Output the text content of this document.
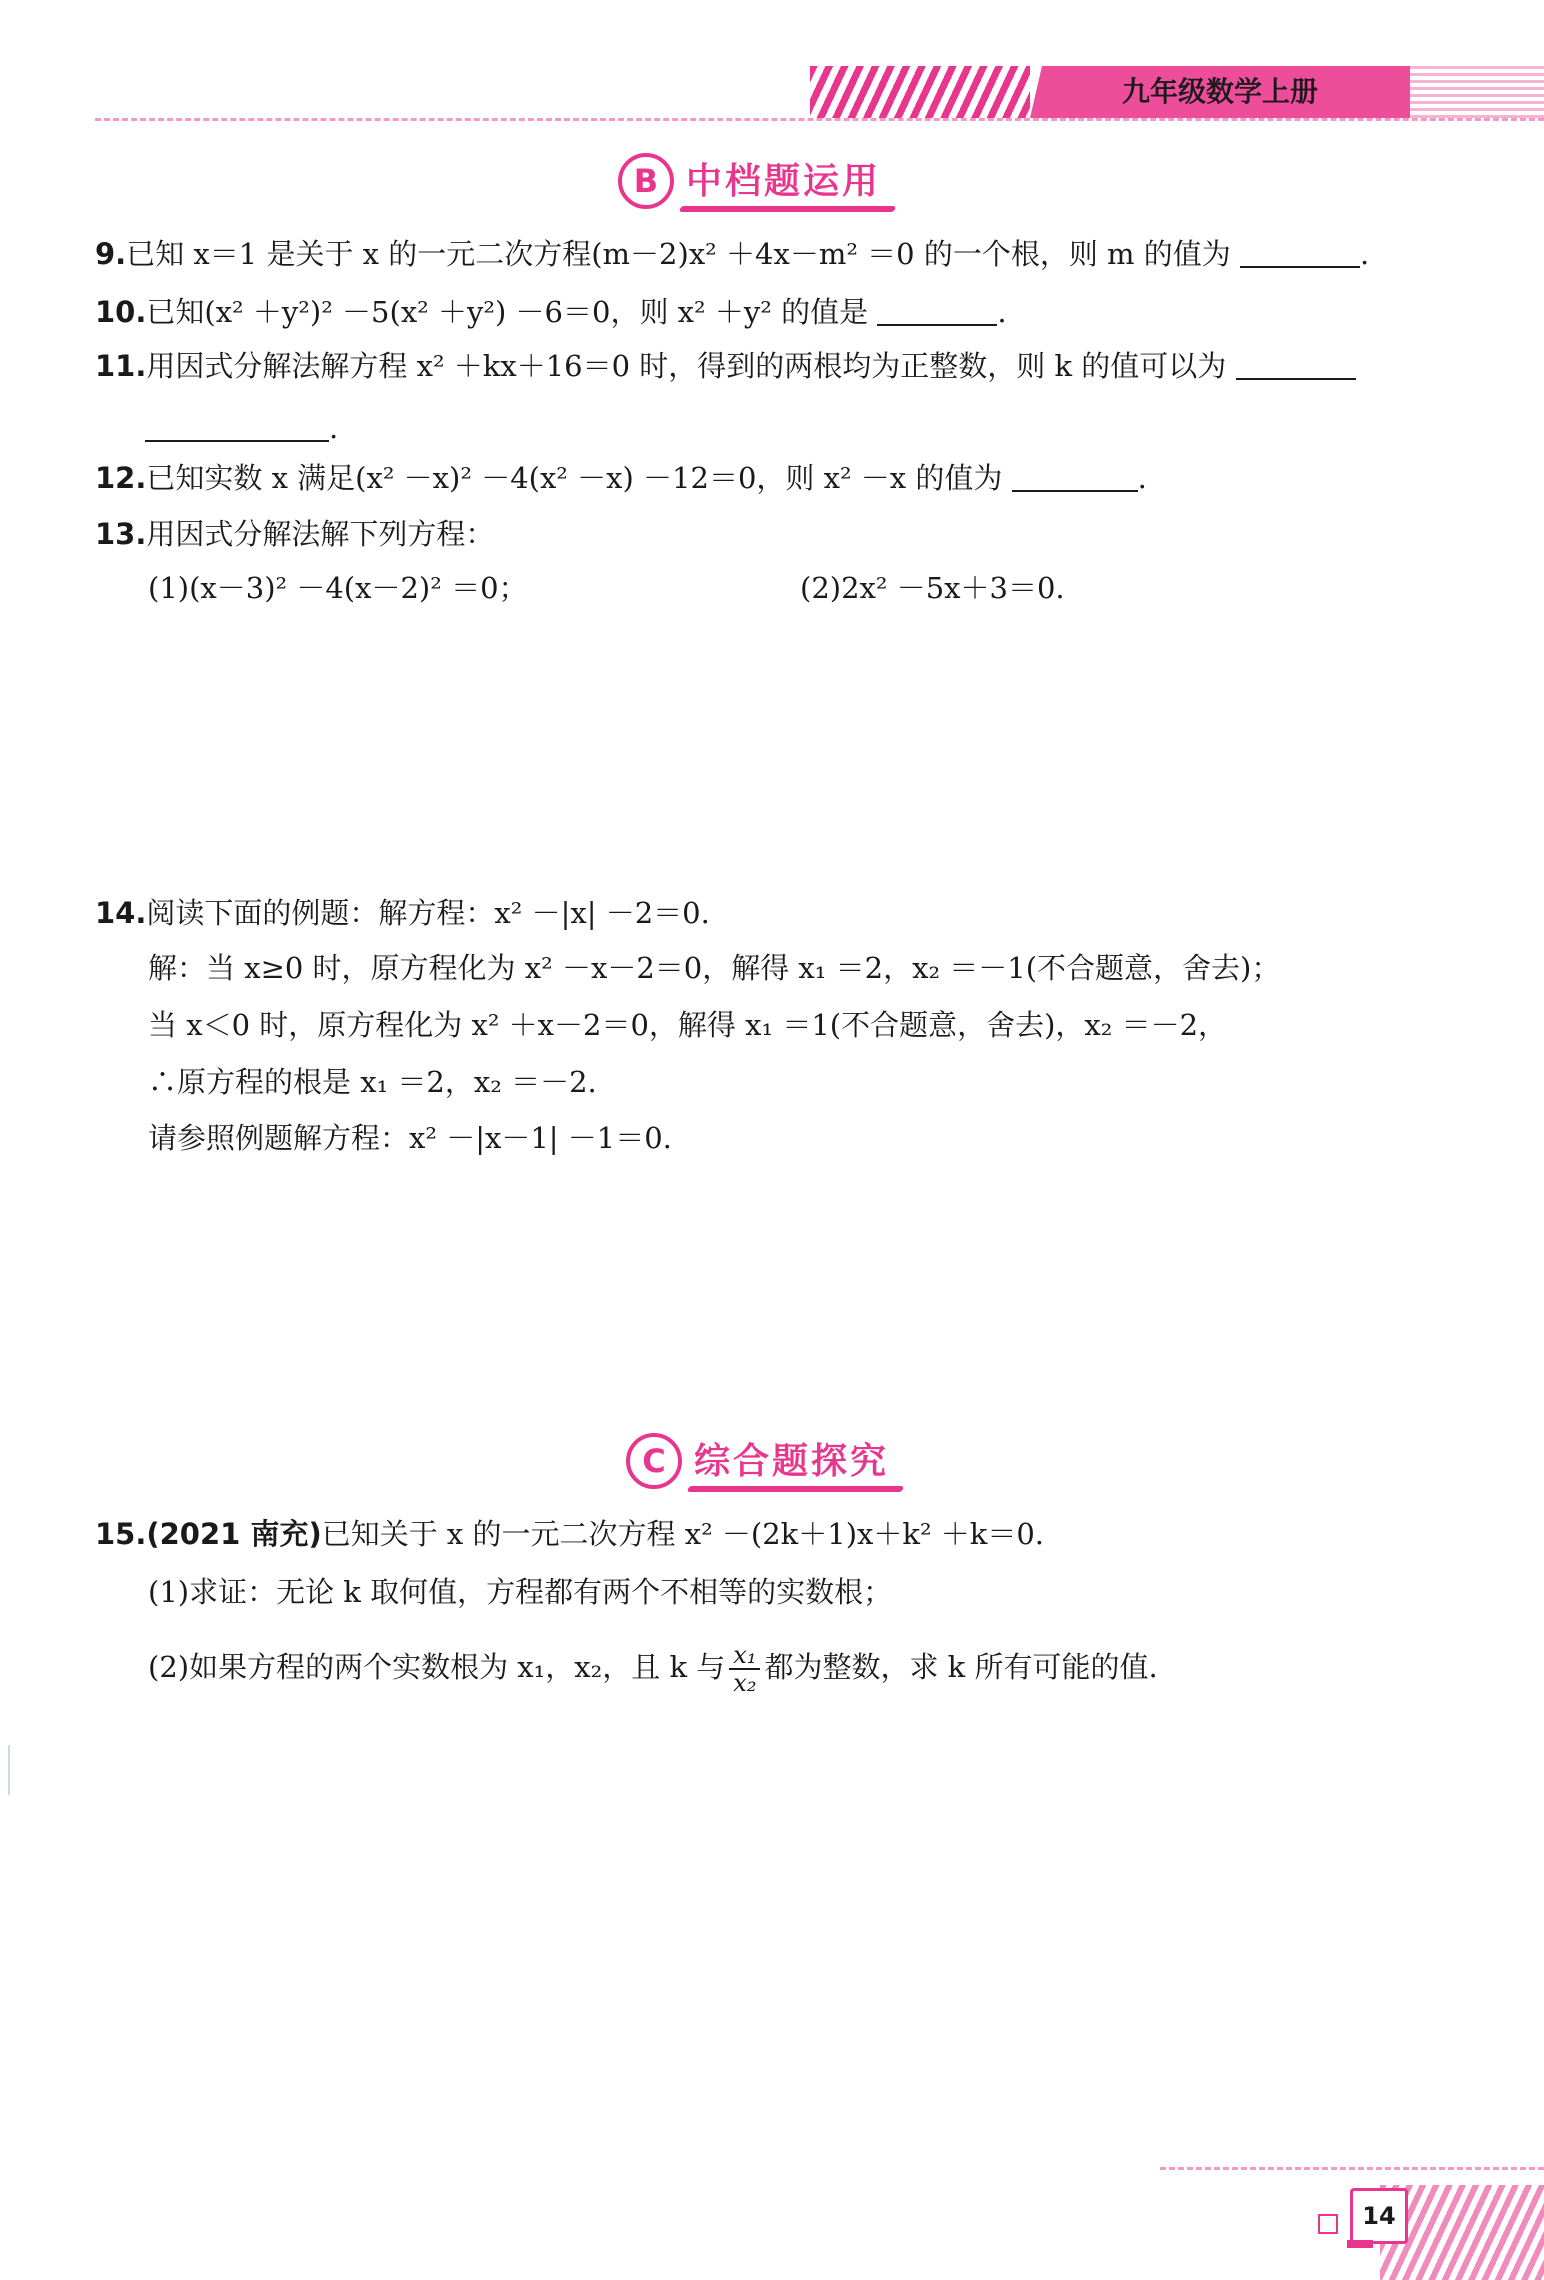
九年级数学上册
B 中档题运用
9.已知 x＝1 是关于 x 的一元二次方程(m－2)x² ＋4x－m² ＝0 的一个根，则 m 的值为	.
10.已知(x² ＋y²)² －5(x² ＋y²) －6＝0，则 x² ＋y² 的值是	.
11.用因式分解法解方程 x² ＋kx＋16＝0 时，得到的两根均为正整数，则 k 的值可以为
.
12.已知实数 x 满足(x² －x)² －4(x² －x) －12＝0，则 x² －x 的值为	.
13.用因式分解法解下列方程：
(1)(x－3)² －4(x－2)² ＝0；	(2)2x² －5x＋3＝0.
14.阅读下面的例题：解方程：x² －|x| －2＝0.
解：当 x≥0 时，原方程化为 x² －x－2＝0，解得 x₁ ＝2，x₂ ＝－1(不合题意，舍去)；
当 x＜0 时，原方程化为 x² ＋x－2＝0，解得 x₁ ＝1(不合题意，舍去)，x₂ ＝－2，
∴原方程的根是 x₁ ＝2，x₂ ＝－2.
请参照例题解方程：x² －|x－1| －1＝0.
C 综合题探究
15.(2021 南充)已知关于 x 的一元二次方程 x² －(2k＋1)x＋k² ＋k＝0.
(1)求证：无论 k 取何值，方程都有两个不相等的实数根；
(2)如果方程的两个实数根为 x₁，x₂，且 k 与 $\frac{\text{x₁}}{\text{x₂}}$ 都为整数，求 k 所有可能的值.
14
